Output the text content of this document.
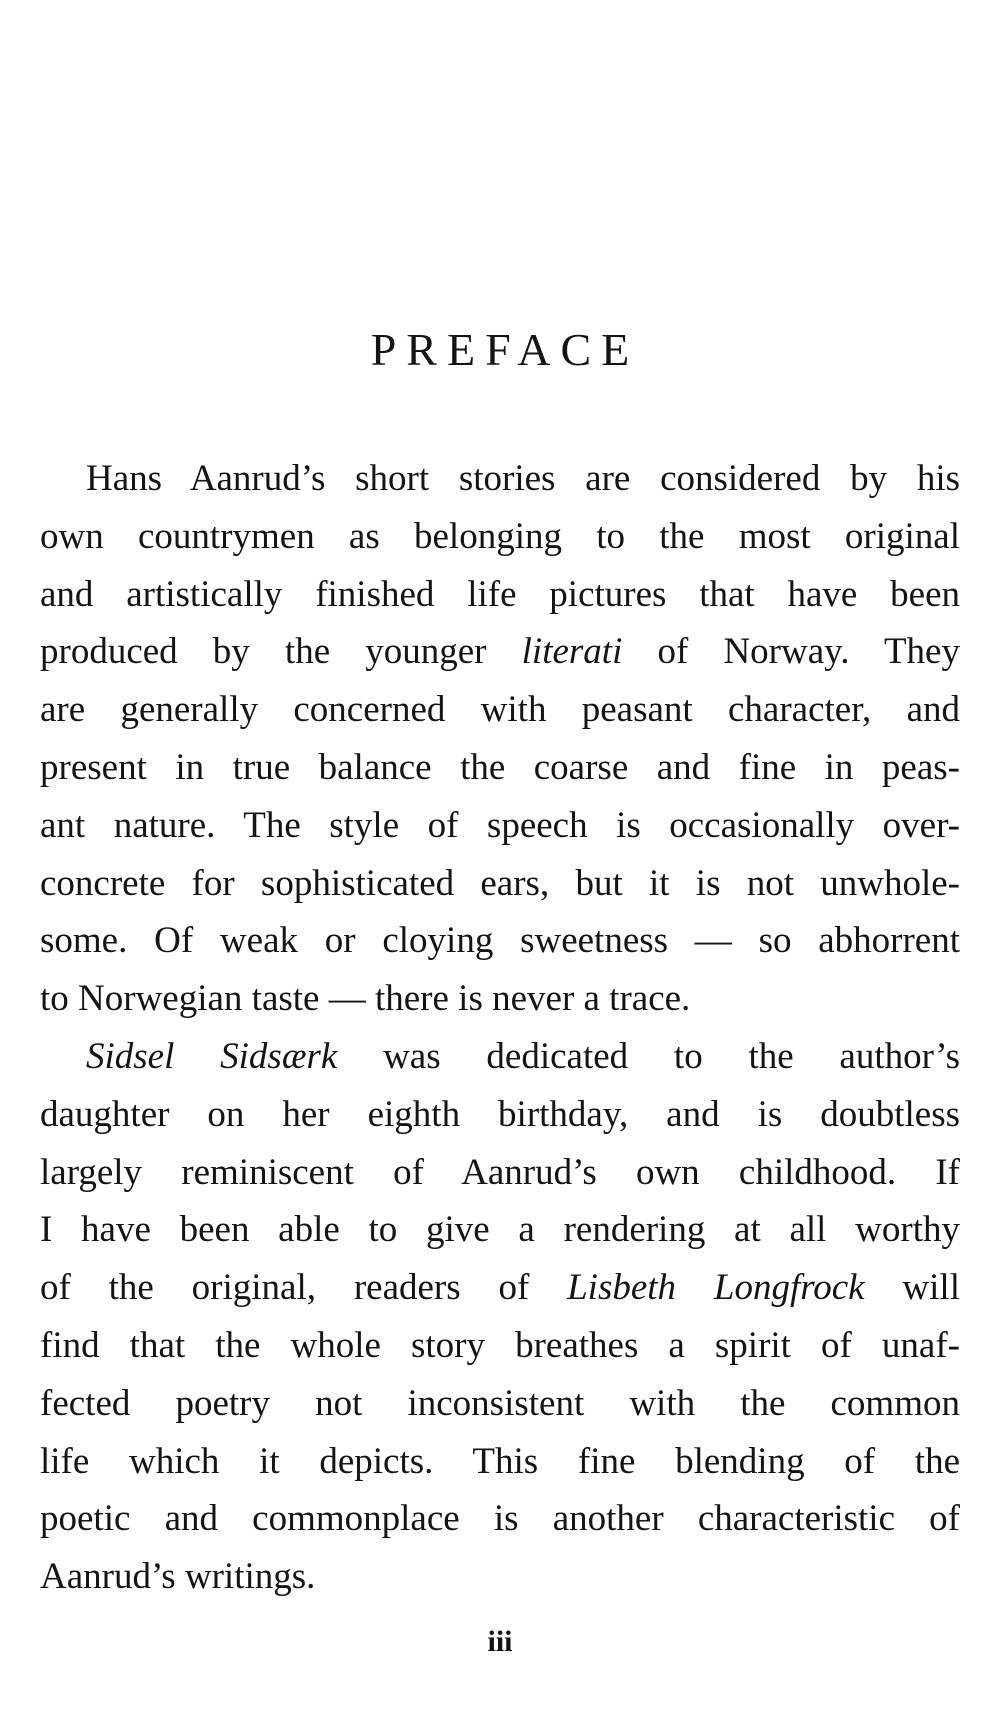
PREFACE
Hans Aanrud’s short stories are considered by his
own countrymen as belonging to the most original
and artistically finished life pictures that have been
produced by the younger literati of Norway. They
are generally concerned with peasant character, and
present in true balance the coarse and fine in peas-
ant nature. The style of speech is occasionally over-
concrete for sophisticated ears, but it is not unwhole-
some. Of weak or cloying sweetness — so abhorrent
to Norwegian taste — there is never a trace.
Sidsel Sidsærk was dedicated to the author’s
daughter on her eighth birthday, and is doubtless
largely reminiscent of Aanrud’s own childhood. If
I have been able to give a rendering at all worthy
of the original, readers of Lisbeth Longfrock will
find that the whole story breathes a spirit of unaf-
fected poetry not inconsistent with the common
life which it depicts. This fine blending of the
poetic and commonplace is another characteristic of
Aanrud’s writings.
iii
